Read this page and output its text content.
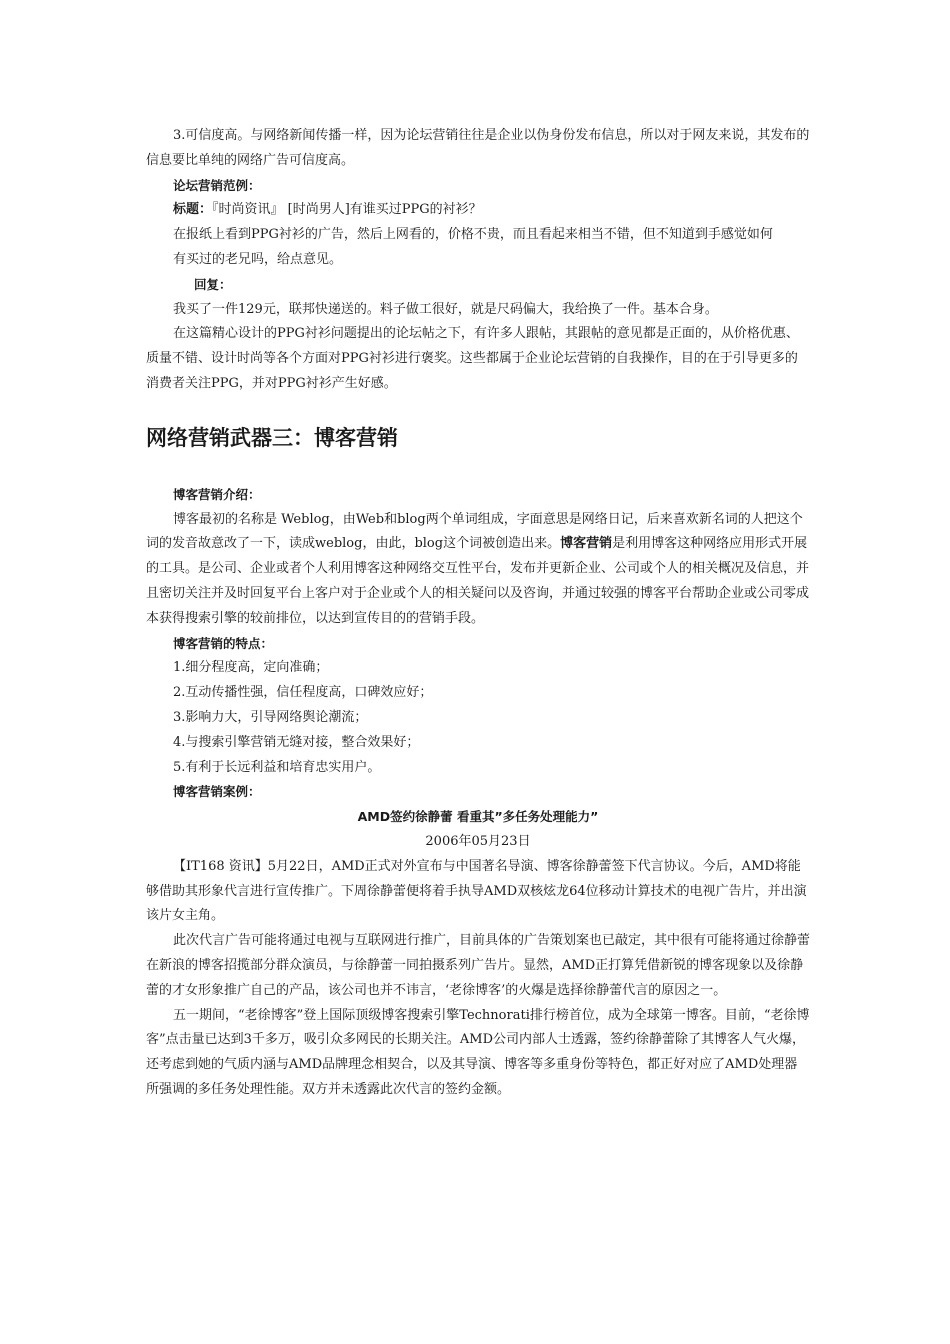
3.可信度高。与网络新闻传播一样，因为论坛营销往往是企业以伪身份发布信息，所以对于网友来说，其发布的信息要比单纯的网络广告可信度高。

论坛营销范例：

标题：『时尚资讯』 [时尚男人]有谁买过PPG的衬衫？

在报纸上看到PPG衬衫的广告，然后上网看的，价格不贵，而且看起来相当不错，但不知道到手感觉如何

有买过的老兄吗，给点意见。

回复：

我买了一件129元，联邦快递送的。料子做工很好，就是尺码偏大，我给换了一件。基本合身。

在这篇精心设计的PPG衬衫问题提出的论坛帖之下，有许多人跟帖，其跟帖的意见都是正面的，从价格优惠、质量不错、设计时尚等各个方面对PPG衬衫进行褒奖。这些都属于企业论坛营销的自我操作，目的在于引导更多的消费者关注PPG，并对PPG衬衫产生好感。

网络营销武器三：博客营销

博客营销介绍：

博客最初的名称是 Weblog，由Web和blog两个单词组成，字面意思是网络日记，后来喜欢新名词的人把这个词的发音故意改了一下，读成weblog，由此，blog这个词被创造出来。博客营销是利用博客这种网络应用形式开展的工具。是公司、企业或者个人利用博客这种网络交互性平台，发布并更新企业、公司或个人的相关概况及信息，并且密切关注并及时回复平台上客户对于企业或个人的相关疑问以及咨询，并通过较强的博客平台帮助企业或公司零成本获得搜索引擎的较前排位，以达到宣传目的的营销手段。

博客营销的特点：

1.细分程度高，定向准确；

2.互动传播性强，信任程度高，口碑效应好；

3.影响力大，引导网络舆论潮流；

4.与搜索引擎营销无缝对接，整合效果好；

5.有利于长远利益和培育忠实用户。

博客营销案例：

AMD签约徐静蕾 看重其”多任务处理能力”

2006年05月23日

【IT168 资讯】5月22日，AMD正式对外宣布与中国著名导演、博客徐静蕾签下代言协议。今后，AMD将能够借助其形象代言进行宣传推广。下周徐静蕾便将着手执导AMD双核炫龙64位移动计算技术的电视广告片，并出演该片女主角。

此次代言广告可能将通过电视与互联网进行推广，目前具体的广告策划案也已敲定，其中很有可能将通过徐静蕾在新浪的博客招揽部分群众演员，与徐静蕾一同拍摄系列广告片。显然，AMD正打算凭借新锐的博客现象以及徐静蕾的才女形象推广自己的产品，该公司也并不讳言，‘老徐博客’的火爆是选择徐静蕾代言的原因之一。

五一期间，“老徐博客”登上国际顶级博客搜索引擎Technorati排行榜首位，成为全球第一博客。目前，“老徐博客”点击量已达到3千多万，吸引众多网民的长期关注。AMD公司内部人士透露，签约徐静蕾除了其博客人气火爆，还考虑到她的气质内涵与AMD品牌理念相契合，以及其导演、博客等多重身份等特色，都正好对应了AMD处理器所强调的多任务处理性能。双方并未透露此次代言的签约金额。
